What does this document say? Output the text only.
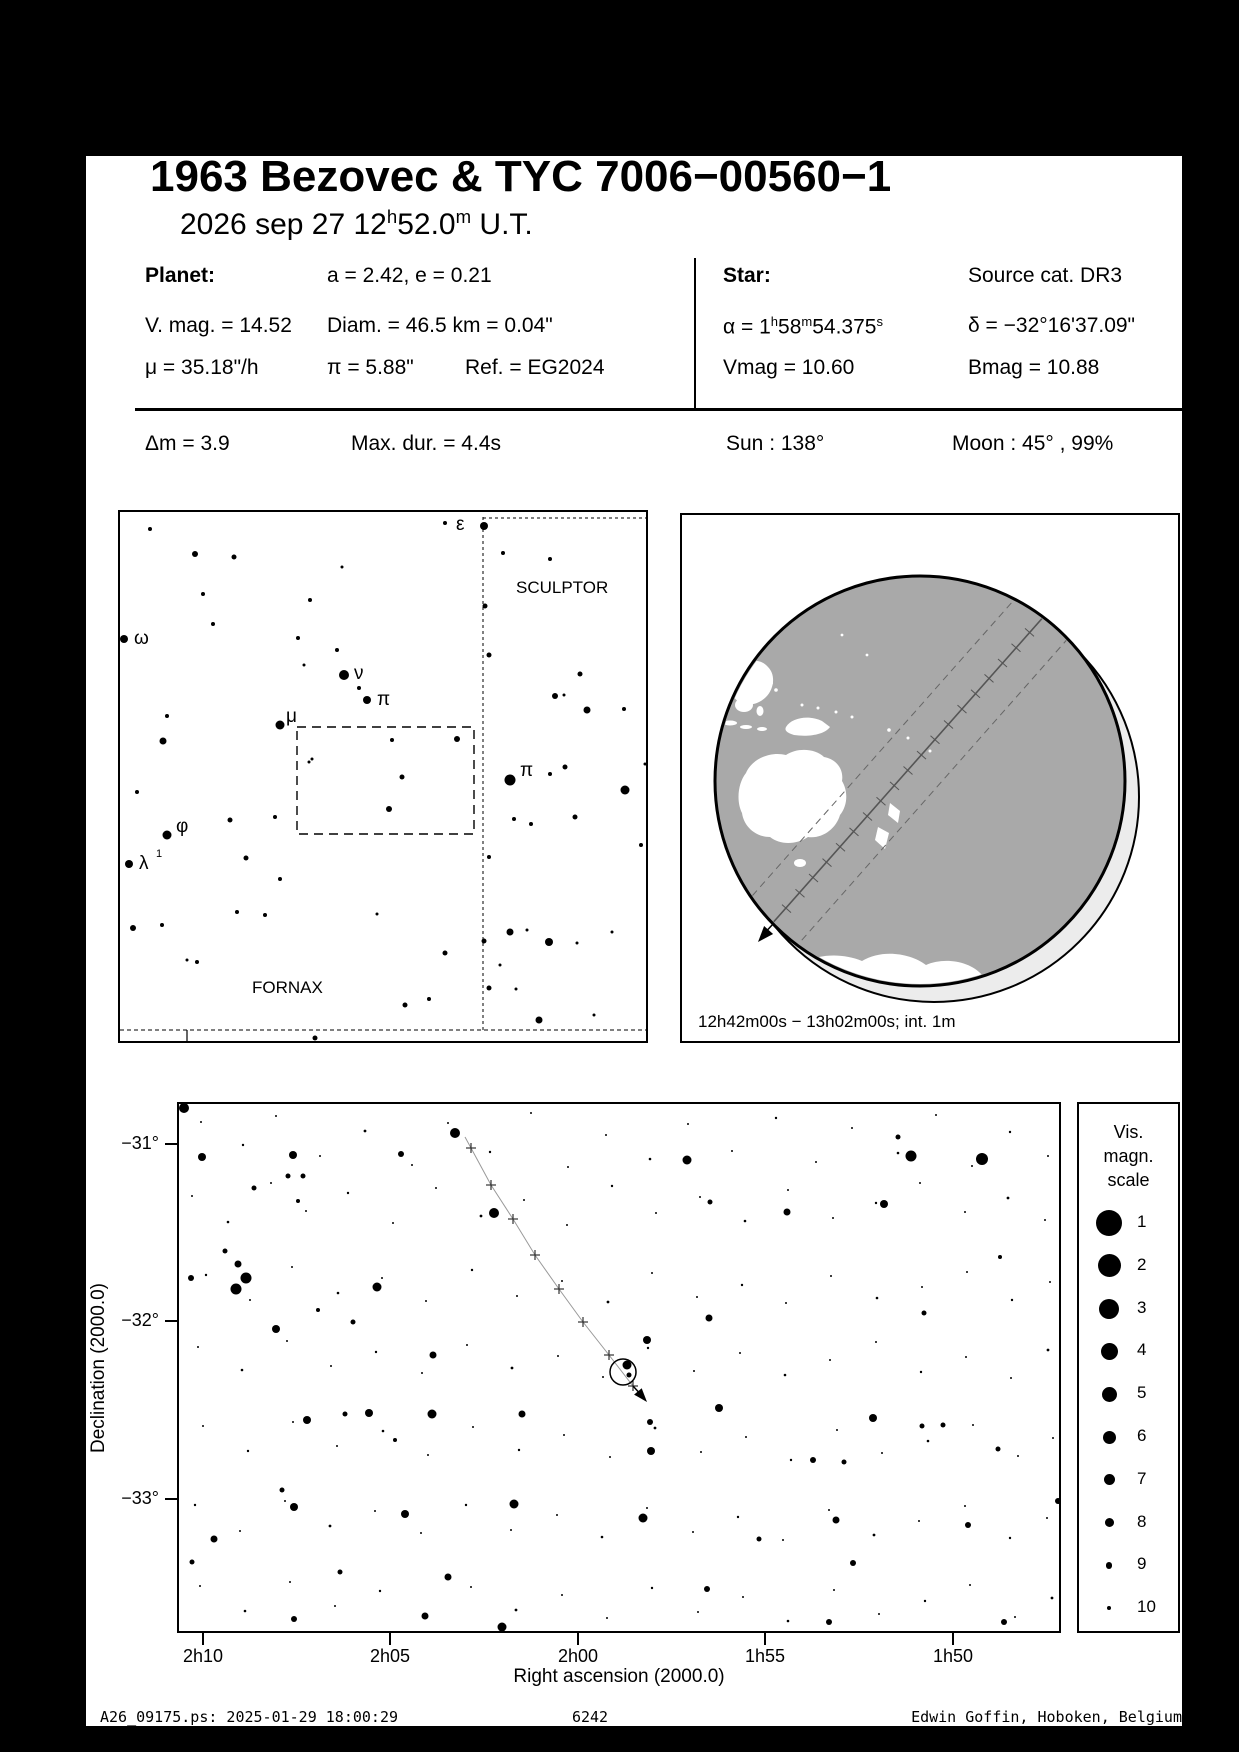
1963 Bezovec & TYC 7006−00560−1
2026 sep 27 12$^h$52.0$^m$ U.T.
Planet:	a = 2.42, e = 0.21
V. mag. = 14.52 Diam. = 46.5 km = 0.04"
μ = 35.18"/h	π = 5.88" Ref. = EG2024
Star:	Source cat. DR3
$\alpha = 1^h58^m54.375^s$	δ = −32°16'37.09"
Vmag = 10.60	Bmag = 10.88
Δm = 3.9	Max. dur. = 4.4s	Sun : 138°	Moon : 45° , 99%
SCULPTOR
FORNAX
ε
ω
ν
π
μ
φ
λ 1
π
12h42m00s − 13h02m00s; int. 1m
2h10	2h05	2h00	1h55	1h50
−31°
−32°
−33°
Right ascension (2000.0)
Declination (2000.0)
Vis.
magn.
scale
1
2
3
4
5
6
7
8
9
10
A26_09175.ps: 2025-01-29 18:00:29	6242	Edwin Goffin, Hoboken, Belgium
